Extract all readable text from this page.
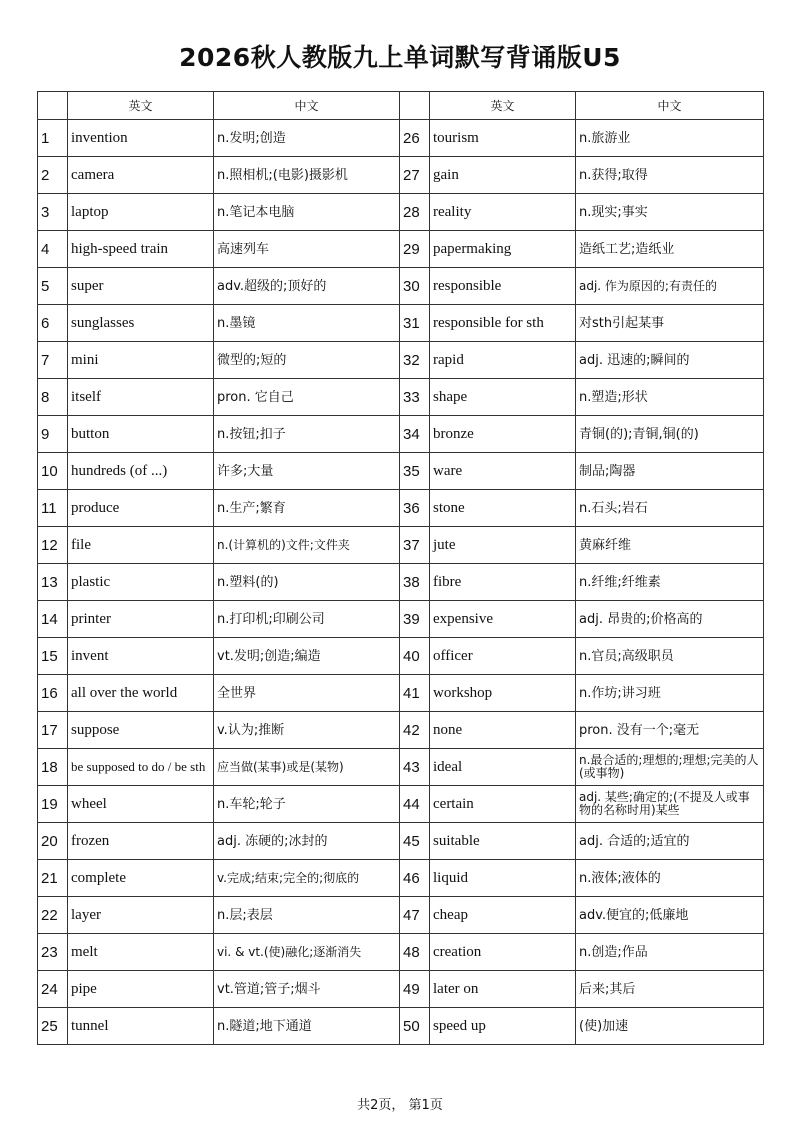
2026秋人教版九上单词默写背诵版U5
	英文	中文		英文	中文
1	invention	n.发明;创造	26	tourism	n.旅游业
2	camera	n.照相机;(电影)摄影机	27	gain	n.获得;取得
3	laptop	n.笔记本电脑	28	reality	n.现实;事实
4	high-speed train	高速列车	29	papermaking	造纸工艺;造纸业
5	super	adv.超级的;顶好的	30	responsible	adj. 作为原因的;有责任的
6	sunglasses	n.墨镜	31	responsible for sth	对sth引起某事
7	mini	微型的;短的	32	rapid	adj. 迅速的;瞬间的
8	itself	pron. 它自己	33	shape	n.塑造;形状
9	button	n.按钮;扣子	34	bronze	青铜(的);青铜,铜(的)
10	hundreds (of ...)	许多;大量	35	ware	制品;陶器
11	produce	n.生产;繁育	36	stone	n.石头;岩石
12	file	n.(计算机的)文件;文件夹	37	jute	黄麻纤维
13	plastic	n.塑料(的)	38	fibre	n.纤维;纤维素
14	printer	n.打印机;印刷公司	39	expensive	adj. 昂贵的;价格高的
15	invent	vt.发明;创造;编造	40	officer	n.官员;高级职员
16	all over the world	全世界	41	workshop	n.作坊;讲习班
17	suppose	v.认为;推断	42	none	pron. 没有一个;毫无
18	be supposed to do / be sth	应当做(某事)或是(某物)	43	ideal	n.最合适的;理想的;理想;完美的人(或事物)
19	wheel	n.车轮;轮子	44	certain	adj. 某些;确定的;(不提及人或事物的名称时用)某些
20	frozen	adj. 冻硬的;冰封的	45	suitable	adj. 合适的;适宜的
21	complete	v.完成;结束;完全的;彻底的	46	liquid	n.液体;液体的
22	layer	n.层;表层	47	cheap	adv.便宜的;低廉地
23	melt	vi. & vt.(使)融化;逐渐消失	48	creation	n.创造;作品
24	pipe	vt.管道;管子;烟斗	49	later on	后来;其后
25	tunnel	n.隧道;地下通道	50	speed up	(使)加速
共2页， 第1页
